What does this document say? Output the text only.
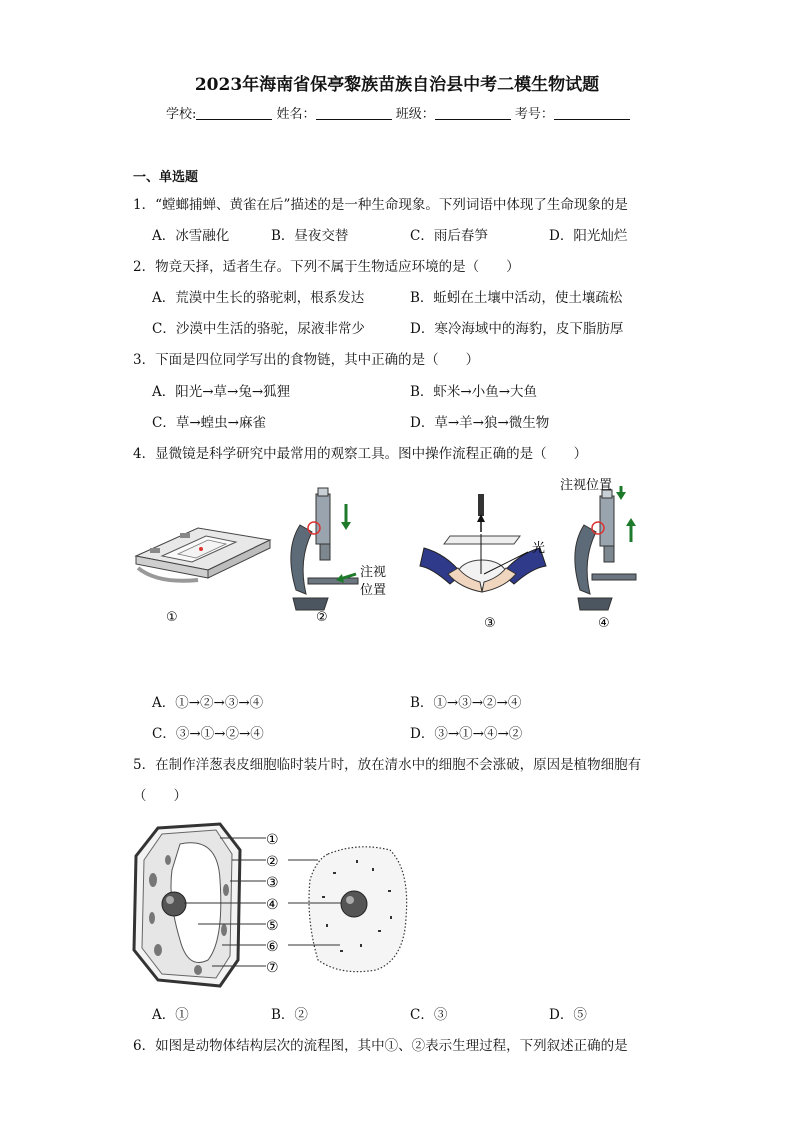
2023年海南省保亭黎族苗族自治县中考二模生物试题
学校:	姓名：	班级：	考号：
一、单选题
1．“螳螂捕蝉、黄雀在后”描述的是一种生命现象。下列词语中体现了生命现象的是
A．冰雪融化	B．昼夜交替	C．雨后春笋	D．阳光灿烂
2．物竞天择，适者生存。下列不属于生物适应环境的是（　　）
A．荒漠中生长的骆驼刺，根系发达	B．蚯蚓在土壤中活动，使土壤疏松
C．沙漠中生活的骆驼，尿液非常少	D．寒冷海域中的海豹，皮下脂肪厚
3．下面是四位同学写出的食物链，其中正确的是（　　）
A．阳光→草→兔→狐狸	B．虾米→小鱼→大鱼
C．草→蝗虫→麻雀	D．草→羊→狼→微生物
4．显微镜是科学研究中最常用的观察工具。图中操作流程正确的是（　　）
①
注视
位置
②
光
③
注视位置
④
A．①→②→③→④	B．①→③→②→④
C．③→①→②→④	D．③→①→④→②
5．在制作洋葱表皮细胞临时装片时，放在清水中的细胞不会涨破，原因是植物细胞有
（　　）
①
②
③
④
⑤
⑥
⑦
A．①	B．②	C．③	D．⑤
6．如图是动物体结构层次的流程图，其中①、②表示生理过程，下列叙述正确的是
